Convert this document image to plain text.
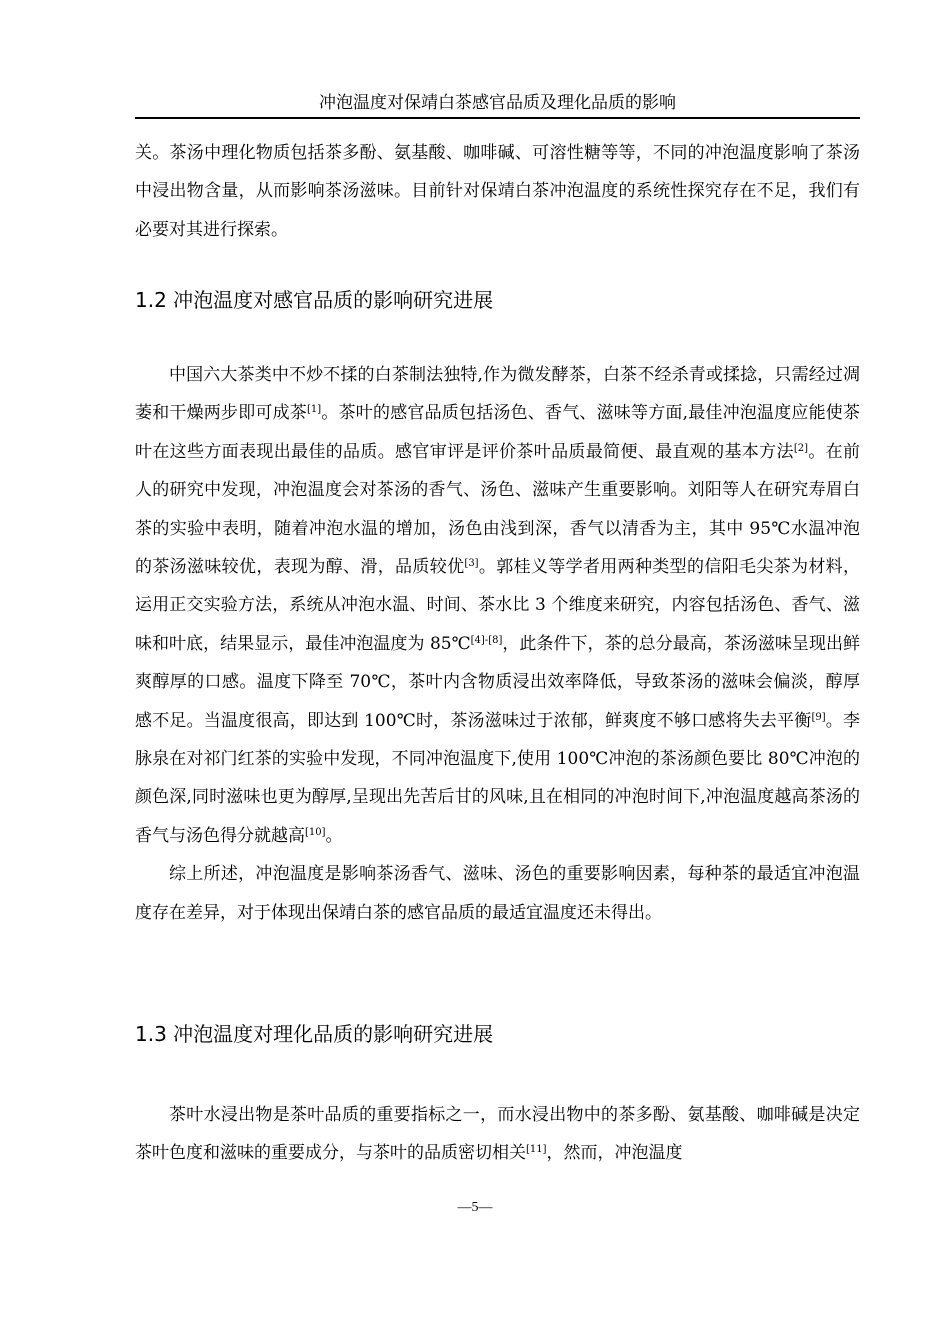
冲泡温度对保靖白茶感官品质及理化品质的影响

关。茶汤中理化物质包括茶多酚、氨基酸、咖啡碱、可溶性糖等等，不同的冲泡温度影响了茶汤中浸出物含量，从而影响茶汤滋味。目前针对保靖白茶冲泡温度的系统性探究存在不足，我们有必要对其进行探索。

1.2 冲泡温度对感官品质的影响研究进展

中国六大茶类中不炒不揉的白茶制法独特,作为微发酵茶，白茶不经杀青或揉捻，只需经过凋萎和干燥两步即可成茶[1]。茶叶的感官品质包括汤色、香气、滋味等方面,最佳冲泡温度应能使茶叶在这些方面表现出最佳的品质。感官审评是评价茶叶品质最简便、最直观的基本方法[2]。在前人的研究中发现，冲泡温度会对茶汤的香气、汤色、滋味产生重要影响。刘阳等人在研究寿眉白茶的实验中表明，随着冲泡水温的增加，汤色由浅到深，香气以清香为主，其中 95℃水温冲泡的茶汤滋味较优，表现为醇、滑，品质较优[3]。郭桂义等学者用两种类型的信阳毛尖茶为材料，运用正交实验方法，系统从冲泡水温、时间、茶水比 3 个维度来研究，内容包括汤色、香气、滋味和叶底，结果显示，最佳冲泡温度为 85℃[4]-[8]，此条件下，茶的总分最高，茶汤滋味呈现出鲜爽醇厚的口感。温度下降至 70℃，茶叶内含物质浸出效率降低，导致茶汤的滋味会偏淡，醇厚感不足。当温度很高，即达到 100℃时，茶汤滋味过于浓郁，鲜爽度不够口感将失去平衡[9]。李脉泉在对祁门红茶的实验中发现，不同冲泡温度下,使用 100℃冲泡的茶汤颜色要比 80℃冲泡的颜色深,同时滋味也更为醇厚,呈现出先苦后甘的风味,且在相同的冲泡时间下,冲泡温度越高茶汤的香气与汤色得分就越高[10]。

综上所述，冲泡温度是影响茶汤香气、滋味、汤色的重要影响因素，每种茶的最适宜冲泡温度存在差异，对于体现出保靖白茶的感官品质的最适宜温度还未得出。

1.3 冲泡温度对理化品质的影响研究进展

茶叶水浸出物是茶叶品质的重要指标之一，而水浸出物中的茶多酚、氨基酸、咖啡碱是决定茶叶色度和滋味的重要成分，与茶叶的品质密切相关[11]，然而，冲泡温度

—5—
